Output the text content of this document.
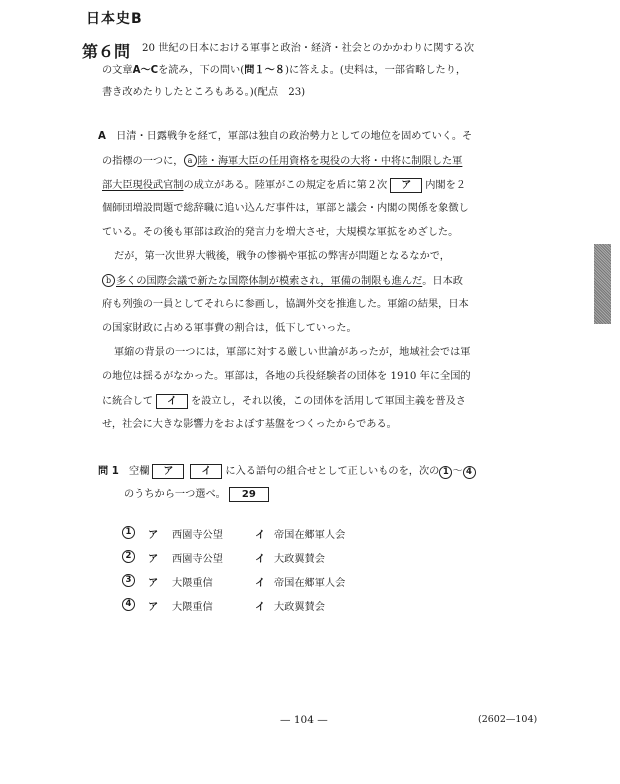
日本史B
第６問 20 世紀の日本における軍事と政治・経済・社会とのかかわりに関する次
の文章A〜Cを読み，下の問い(問１〜８)に答えよ。(史料は，一部省略したり，
書き改めたりしたところもある。)(配点　23)
A　 日清・日露戦争を経て，軍部は独自の政治勢力としての地位を固めていく。そ
の指標の一つに， a 陸・海軍大臣の任用資格を現役の大将・中将に制限した軍
部大臣現役武官制の成立がある。陸軍がこの規定を盾に第２次 ア 内閣を２
個師団増設問題で総辞職に追い込んだ事件は，軍部と議会・内閣の関係を象徴し
ている。その後も軍部は政治的発言力を増大させ，大規模な軍拡をめざした。
だが，第一次世界大戦後，戦争の惨禍や軍拡の弊害が問題となるなかで，
b 多くの国際会議で新たな国際体制が模索され，軍備の制限も進んだ。日本政
府も列強の一員としてそれらに参画し，協調外交を推進した。軍縮の結果，日本
の国家財政に占める軍事費の割合は，低下していった。
軍縮の背景の一つには，軍部に対する厳しい世論があったが，地域社会では軍
の地位は揺るがなかった。軍部は，各地の兵役経験者の団体を 1910 年に全国的
に統合して イ を設立し，それ以後，この団体を活用して軍国主義を普及さ
せ，社会に大きな影響力をおよぼす基盤をつくったからである。
問 1　 空欄 ア	イ に入る語句の組合せとして正しいものを，次の 1 〜 4
のうちから一つ選べ。 29
1 ア 西園寺公望	イ 帝国在郷軍人会
2 ア 西園寺公望	イ 大政翼賛会
3 ア 大隈重信	イ 帝国在郷軍人会
4 ア 大隈重信	イ 大政翼賛会
— 104 —	(2602—104)
